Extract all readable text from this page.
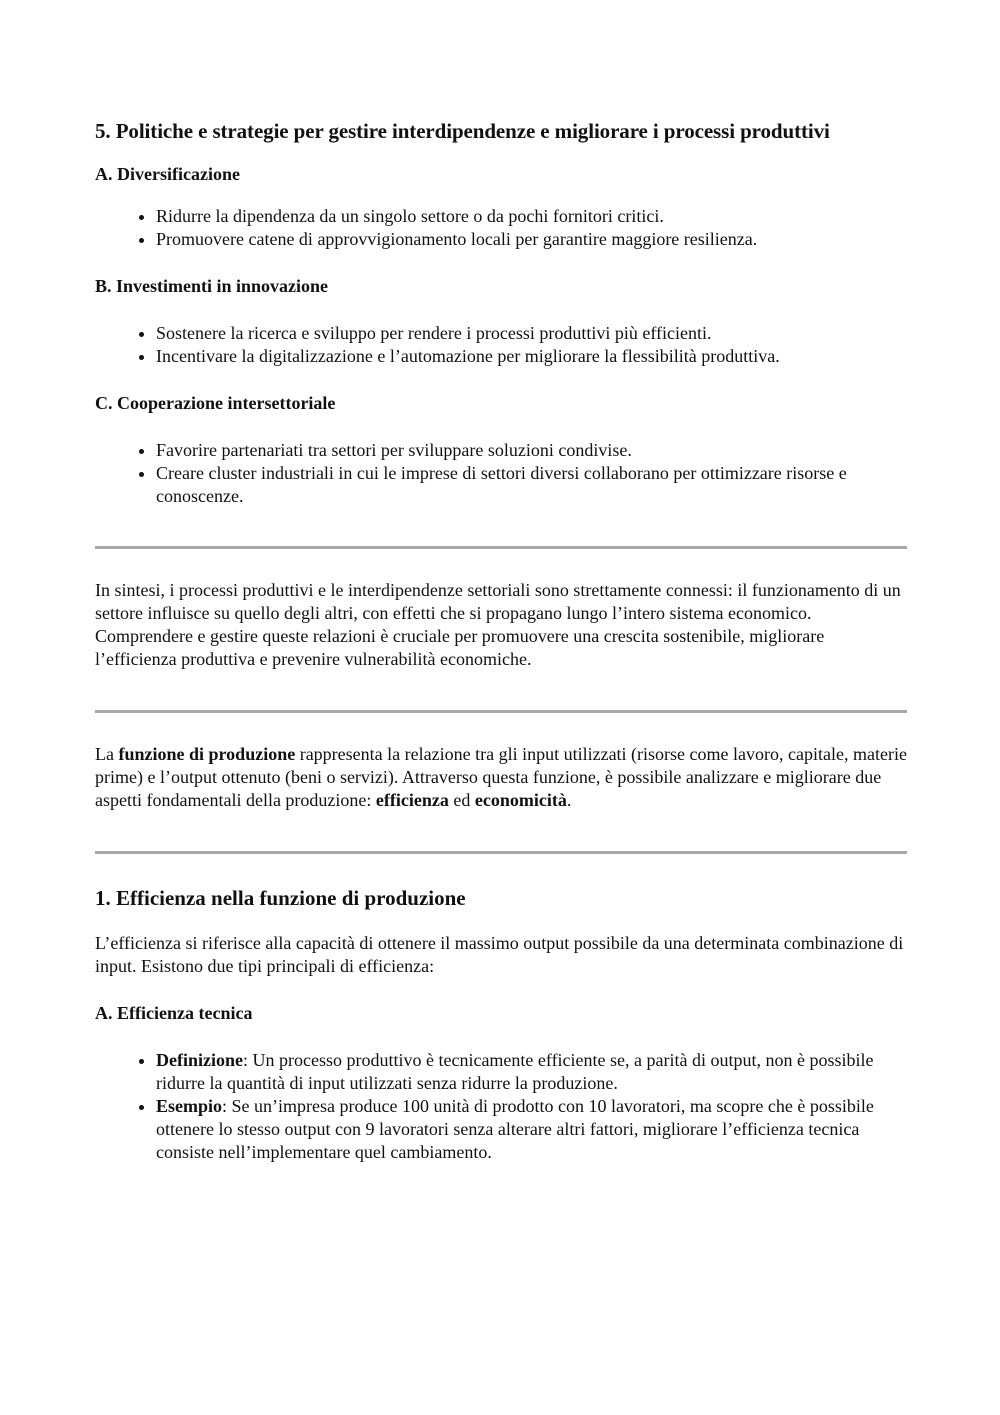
5. Politiche e strategie per gestire interdipendenze e migliorare i processi produttivi
A. Diversificazione
• Ridurre la dipendenza da un singolo settore o da pochi fornitori critici.
• Promuovere catene di approvvigionamento locali per garantire maggiore resilienza.
B. Investimenti in innovazione
• Sostenere la ricerca e sviluppo per rendere i processi produttivi più efficienti.
• Incentivare la digitalizzazione e l’automazione per migliorare la flessibilità produttiva.
C. Cooperazione intersettoriale
• Favorire partenariati tra settori per sviluppare soluzioni condivise.
• Creare cluster industriali in cui le imprese di settori diversi collaborano per ottimizzare risorse e conoscenze.

In sintesi, i processi produttivi e le interdipendenze settoriali sono strettamente connessi: il funzionamento di un settore influisce su quello degli altri, con effetti che si propagano lungo l’intero sistema economico. Comprendere e gestire queste relazioni è cruciale per promuovere una crescita sostenibile, migliorare l’efficienza produttiva e prevenire vulnerabilità economiche.

La funzione di produzione rappresenta la relazione tra gli input utilizzati (risorse come lavoro, capitale, materie prime) e l’output ottenuto (beni o servizi). Attraverso questa funzione, è possibile analizzare e migliorare due aspetti fondamentali della produzione: efficienza ed economicità.

1. Efficienza nella funzione di produzione

L’efficienza si riferisce alla capacità di ottenere il massimo output possibile da una determinata combinazione di input. Esistono due tipi principali di efficienza:

A. Efficienza tecnica
• Definizione: Un processo produttivo è tecnicamente efficiente se, a parità di output, non è possibile ridurre la quantità di input utilizzati senza ridurre la produzione.
• Esempio: Se un’impresa produce 100 unità di prodotto con 10 lavoratori, ma scopre che è possibile ottenere lo stesso output con 9 lavoratori senza alterare altri fattori, migliorare l’efficienza tecnica consiste nell’implementare quel cambiamento.
